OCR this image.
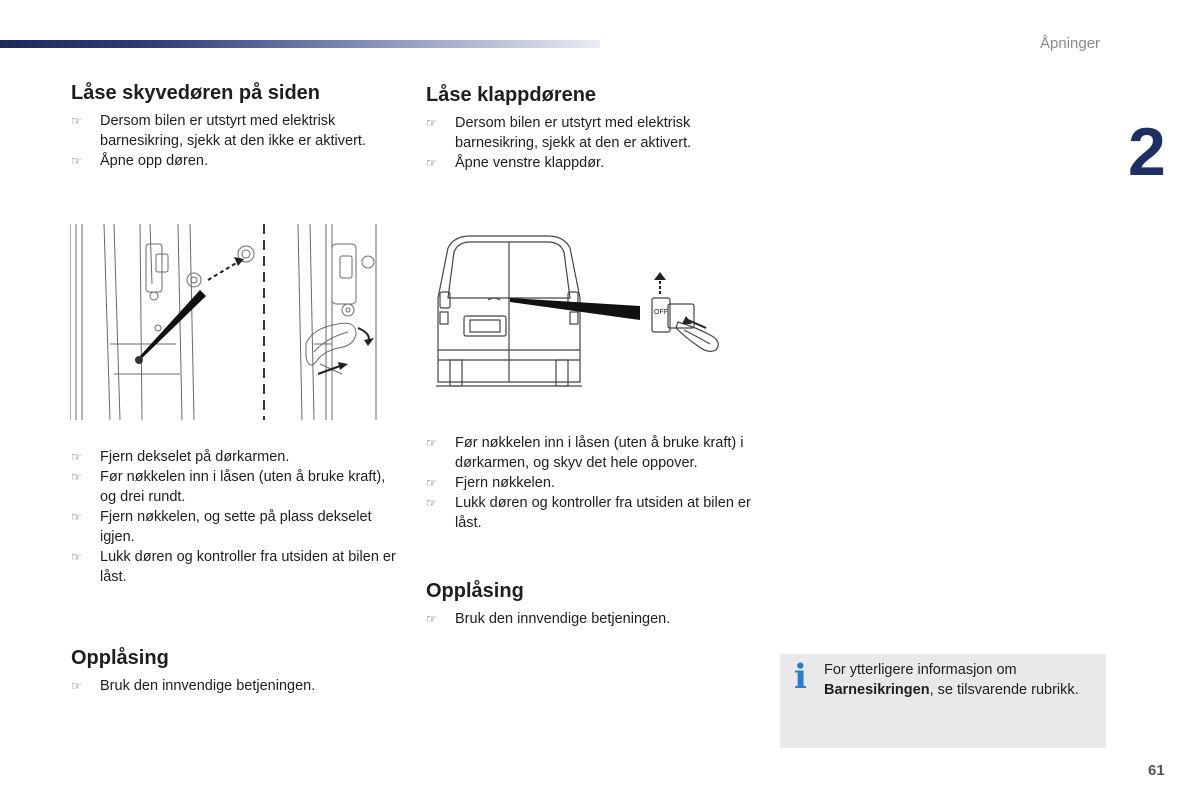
Åpninger
2
Låse skyvedøren på siden
☞ Dersom bilen er utstyrt med elektrisk barnesikring, sjekk at den ikke er aktivert.
☞ Åpne opp døren.
☞ Fjern dekselet på dørkarmen.
☞ Før nøkkelen inn i låsen (uten å bruke kraft), og drei rundt.
☞ Fjern nøkkelen, og sette på plass dekselet igjen.
☞ Lukk døren og kontroller fra utsiden at bilen er låst.
Opplåsing
☞ Bruk den innvendige betjeningen.
Låse klappdørene
☞ Dersom bilen er utstyrt med elektrisk barnesikring, sjekk at den er aktivert.
☞ Åpne venstre klappdør.
OFF
☞ Før nøkkelen inn i låsen (uten å bruke kraft) i dørkarmen, og skyv det hele oppover.
☞ Fjern nøkkelen.
☞ Lukk døren og kontroller fra utsiden at bilen er låst.
Opplåsing
☞ Bruk den innvendige betjeningen.
i For ytterligere informasjon om Barnesikringen, se tilsvarende rubrikk.
61
